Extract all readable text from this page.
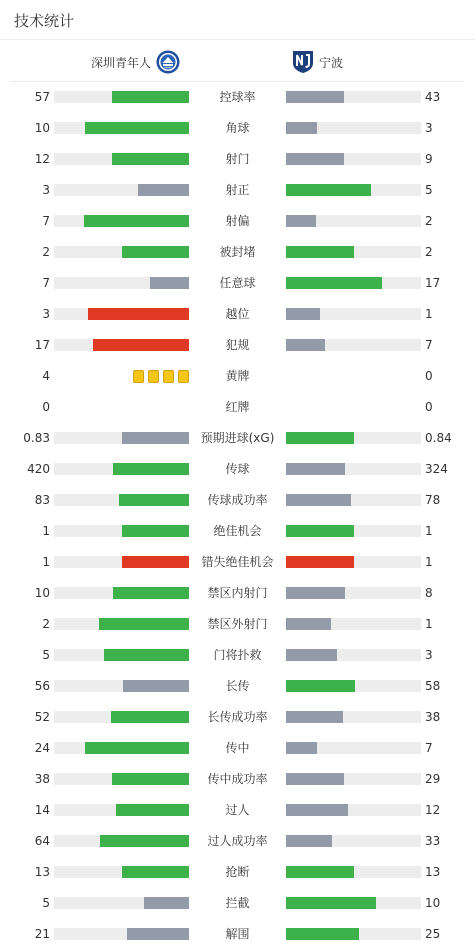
技术统计
深圳青年人	宁波
57	控球率	43
10	角球	3
12	射门	9
3	射正	5
7	射偏	2
2	被封堵	2
7	任意球	17
3	越位	1
17	犯规	7
4	黄牌	0
0	红牌	0
0.83	预期进球(xG)	0.84
420	传球	324
83	传球成功率	78
1	绝佳机会	1
1	错失绝佳机会	1
10	禁区内射门	8
2	禁区外射门	1
5	门将扑救	3
56	长传	58
52	长传成功率	38
24	传中	7
38	传中成功率	29
14	过人	12
64	过人成功率	33
13	抢断	13
5	拦截	10
21	解围	25
